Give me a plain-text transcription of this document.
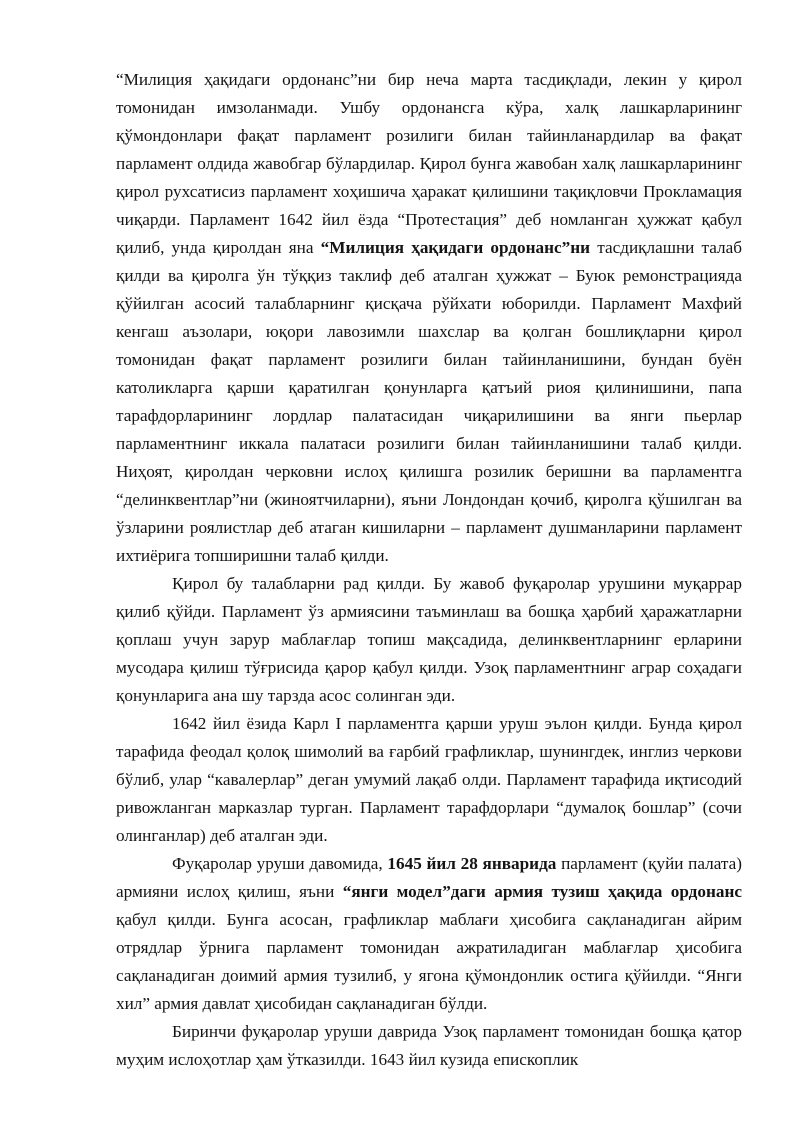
“Милиция ҳақидаги ордонанс”ни бир неча марта тасдиқлади, лекин у қирол томонидан имзоланмади. Ушбу ордонансга кўра, халқ лашкарларининг қўмондонлари фақат парламент розилиги билан тайинланардилар ва фақат парламент олдида жавобгар бўлардилар. Қирол бунга жавобан халқ лашкарларининг қирол рухсатисиз парламент хоҳишича ҳаракат қилишини тақиқловчи Прокламация чиқарди. Парламент 1642 йил ёзда “Протестация” деб номланган ҳужжат қабул қилиб, унда қиролдан яна “Милиция ҳақидаги ордонанс”ни тасдиқлашни талаб қилди ва қиролга ўн тўққиз таклиф деб аталган ҳужжат – Буюк ремонстрацияда қўйилган асосий талабларнинг қисқача рўйхати юборилди. Парламент Махфий кенгаш аъзолари, юқори лавозимли шахслар ва қолган бошлиқларни қирол томонидан фақат парламент розилиги билан тайинланишини, бундан буён католикларга қарши қаратилган қонунларга қатъий риоя қилинишини, папа тарафдорларининг лордлар палатасидан чиқарилишини ва янги пьерлар парламентнинг иккала палатаси розилиги билан тайинланишини талаб қилди. Ниҳоят, қиролдан черковни ислоҳ қилишга розилик беришни ва парламентга “делинквентлар”ни (жиноятчиларни), яъни Лондондан қочиб, қиролга қўшилган ва ўзларини роялистлар деб атаган кишиларни – парламент душманларини парламент ихтиёрига топширишни талаб қилди.

Қирол бу талабларни рад қилди. Бу жавоб фуқаролар урушини муқаррар қилиб қўйди. Парламент ўз армиясини таъминлаш ва бошқа ҳарбий ҳаражатларни қоплаш учун зарур маблағлар топиш мақсадида, делинквентларнинг ерларини мусодара қилиш тўғрисида қарор қабул қилди. Узоқ парламентнинг аграр соҳадаги қонунларига ана шу тарзда асос солинган эди.

1642 йил ёзида Карл I парламентга қарши уруш эълон қилди. Бунда қирол тарафида феодал қолоқ шимолий ва ғарбий графликлар, шунингдек, инглиз черкови бўлиб, улар “кавалерлар” деган умумий лақаб олди. Парламент тарафида иқтисодий ривожланган марказлар турган. Парламент тарафдорлари “думалоқ бошлар” (сочи олинганлар) деб аталган эди.

Фуқаролар уруши давомида, 1645 йил 28 январида парламент (қуйи палата) армияни ислоҳ қилиш, яъни “янги модел”даги армия тузиш ҳақида ордонанс қабул қилди. Бунга асосан, графликлар маблағи ҳисобига сақланадиган айрим отрядлар ўрнига парламент томонидан ажратиладиган маблағлар ҳисобига сақланадиган доимий армия тузилиб, у ягона қўмондонлик остига қўйилди. “Янги хил” армия давлат ҳисобидан сақланадиган бўлди.

Биринчи фуқаролар уруши даврида Узоқ парламент томонидан бошқа қатор муҳим ислоҳотлар ҳам ўтказилди. 1643 йил кузида епископлик
